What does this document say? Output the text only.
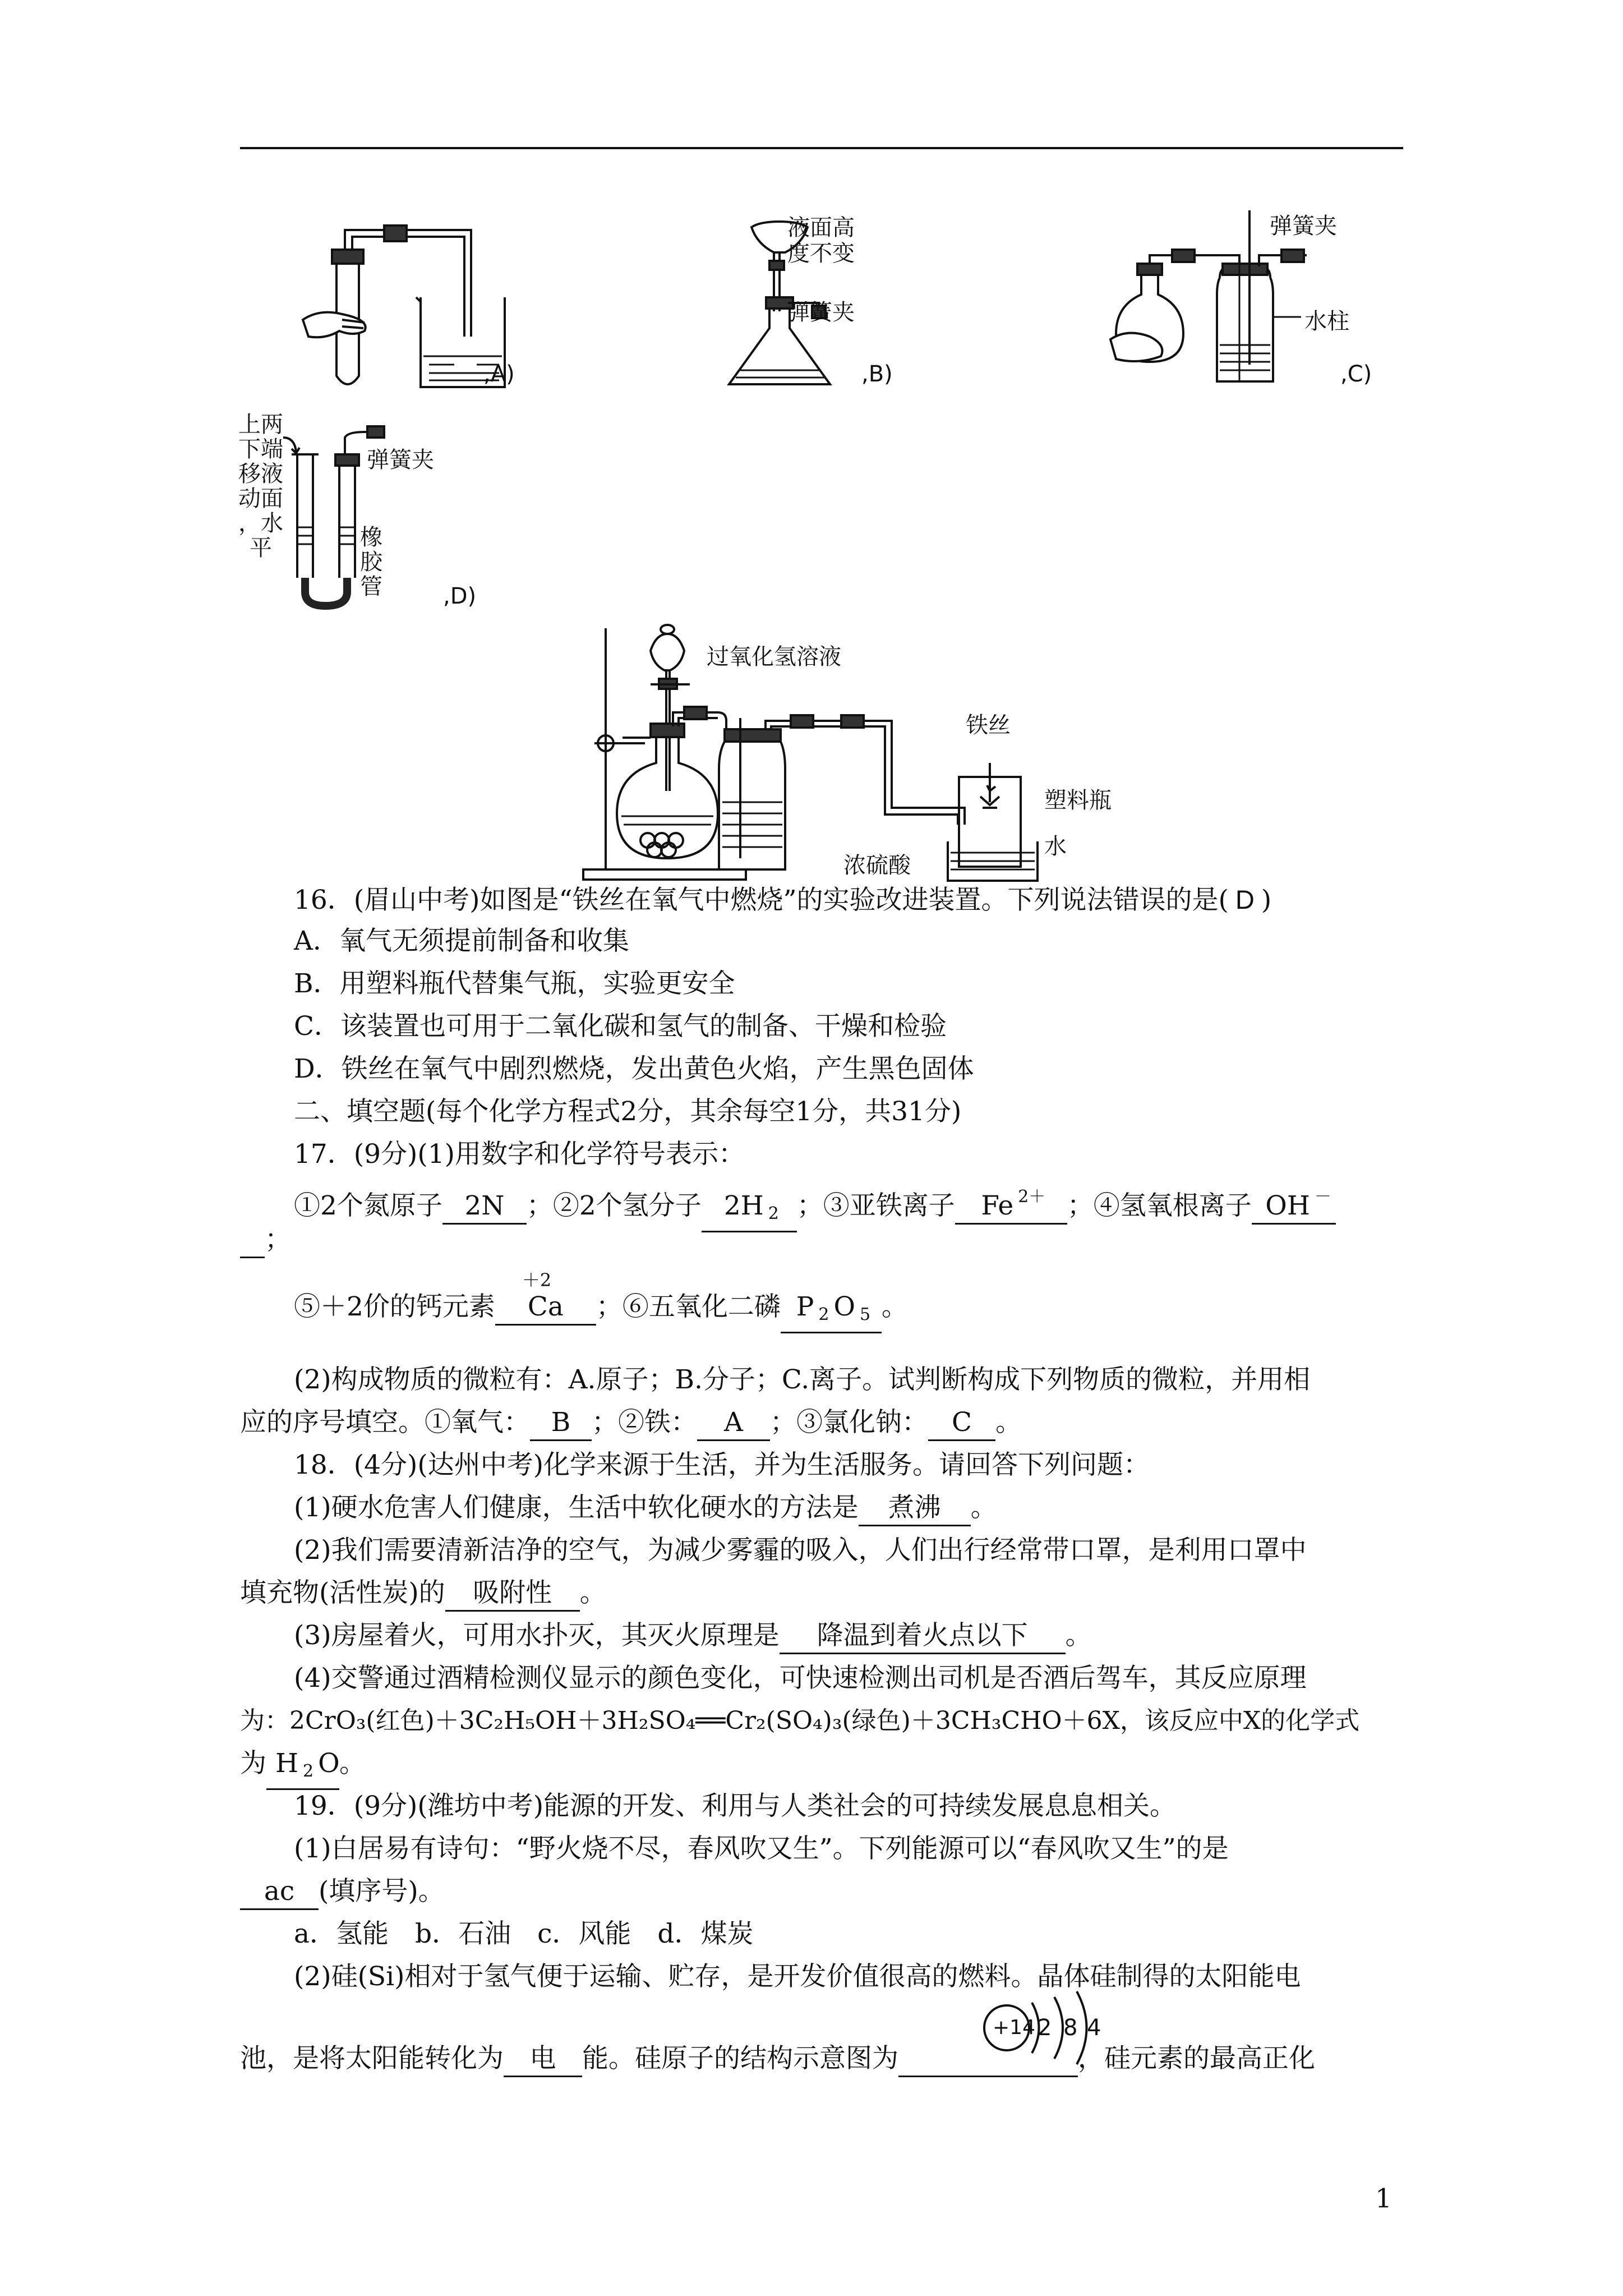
,A)
液面高
度不变
弹簧夹
,B)
弹簧夹
水柱
,C)
上两
下端
移液
动面
，水
平
弹簧夹
橡
胶
管	,D)
过氧化氢溶液
铁丝
塑料瓶
浓硫酸
水
16．(眉山中考)如图是“铁丝在氧气中燃烧”的实验改进装置。下列说法错误的是( D )
A．氧气无须提前制备和收集
B．用塑料瓶代替集气瓶，实验更安全
C．该装置也可用于二氧化碳和氢气的制备、干燥和检验
D．铁丝在氧气中剧烈燃烧，发出黄色火焰，产生黑色固体
二、填空题(每个化学方程式2分，其余每空1分，共31分)
17．(9分)(1)用数字和化学符号表示：
①2个氮原子 2N ；②2个氢分子 2H $_2$ ；③亚铁离子 Fe $^{2+}$ ；④氢氧根离子 OH －
；
⑤＋2价的钙元素
＋2
Ca ；⑥五氧化二磷 P $_2$ O $_5$ 。
(2)构成物质的微粒有：A.原子；B.分子；C.离子。试判断构成下列物质的微粒，并用相
应的序号填空。①氧气： B ；②铁： A ；③氯化钠： C 。
18．(4分)(达州中考)化学来源于生活，并为生活服务。请回答下列问题：
(1)硬水危害人们健康，生活中软化硬水的方法是 煮沸 。
(2)我们需要清新洁净的空气，为减少雾霾的吸入，人们出行经常带口罩，是利用口罩中
填充物(活性炭)的 吸附性 。
(3)房屋着火，可用水扑灭，其灭火原理是 降温到着火点以下 。
(4)交警通过酒精检测仪显示的颜色变化，可快速检测出司机是否酒后驾车，其反应原理
为：2CrO₃(红色)＋3C₂H₅OH＋3H₂SO₄══Cr₂(SO₄)₃(绿色)＋3CH₃CHO＋6X，该反应中X的化学式
为 H $_2$ O。
19．(9分)(潍坊中考)能源的开发、利用与人类社会的可持续发展息息相关。
(1)白居易有诗句：“野火烧不尽，春风吹又生”。下列能源可以“春风吹又生”的是
ac (填序号)。
a．氢能　b．石油　c．风能　d．煤炭
(2)硅(Si)相对于氢气便于运输、贮存，是开发价值很高的燃料。晶体硅制得的太阳能电
池，是将太阳能转化为 电 能。硅原子的结构示意图为	，硅元素的最高正化
+14 2 8 4
1
